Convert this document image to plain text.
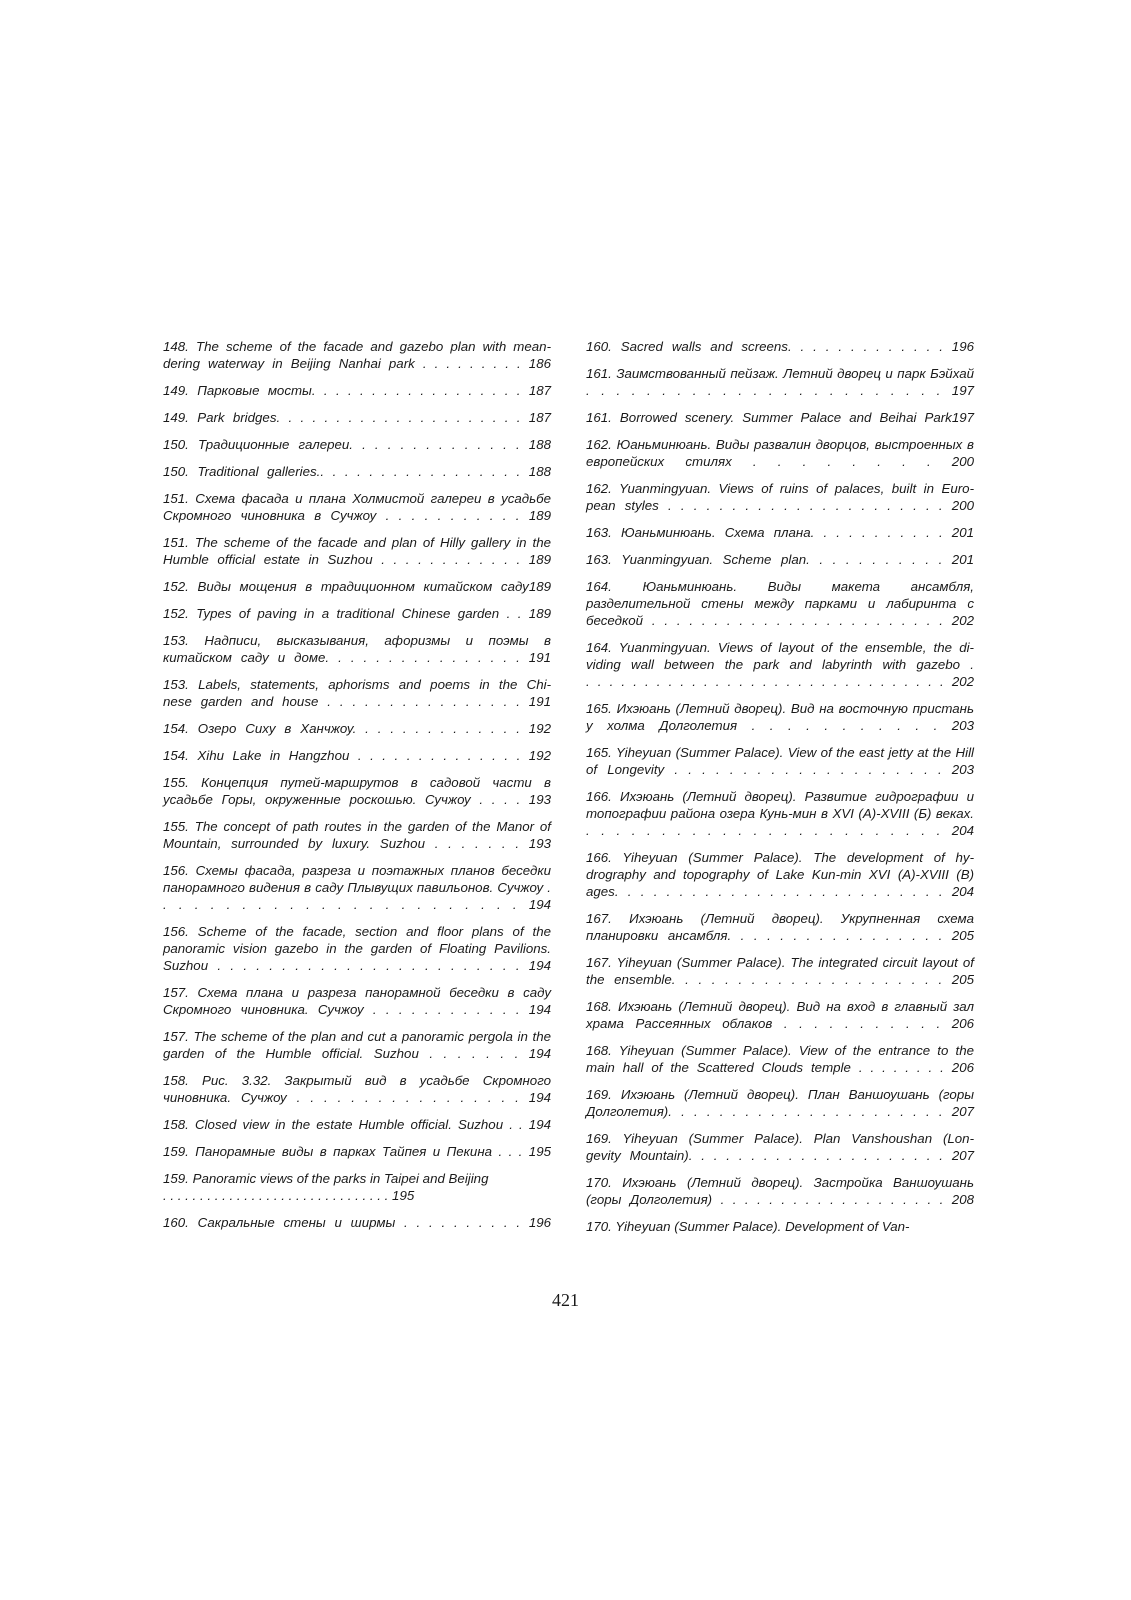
148. The scheme of the facade and gazebo plan with mean-
dering waterway in Beijing Nanhai park . . . . . . . . . 186
149. Парковые мосты. . . . . . . . . . . . . . . . . . 187
149. Park bridges. . . . . . . . . . . . . . . . . . . . . 187
150. Традиционные галереи. . . . . . . . . . . . . . 188
150. Traditional galleries.. . . . . . . . . . . . . . . . . 188
151. Схема фасада и плана Холмистой галереи в усадьбе Скромного чиновника в Сучжоу . . . . . . . . . . . 189
151. The scheme of the facade and plan of Hilly gallery in the Humble official estate in Suzhou . . . . . . . . . . . . 189
152. Виды мощения в традиционном китайском саду189
152. Types of paving in a traditional Chinese garden . . 189
153. Надписи, высказывания, афоризмы и поэмы в китайском саду и доме. . . . . . . . . . . . . . . . 191
153. Labels, statements, aphorisms and poems in the Chi-
nese garden and house . . . . . . . . . . . . . . . . 191
154. Озеро Сиху в Ханчжоу. . . . . . . . . . . . . . 192
154. Xihu Lake in Hangzhou . . . . . . . . . . . . . . 192
155. Концепция путей-маршрутов в садовой части в усадьбе Горы, окруженные роскошью. Сучжоу . . . . 193
155. The concept of path routes in the garden of the Manor of Mountain, surrounded by luxury. Suzhou . . . . . . . 193
156. Схемы фасада, разреза и поэтажных планов беседки панорамного видения в саду Плывущих павильонов. Сучжоу . . . . . . . . . . . . . . . . . . . . . . . . 194
156. Scheme of the facade, section and floor plans of the panoramic vision gazebo in the garden of Floating Pavilions. Suzhou . . . . . . . . . . . . . . . . . . . . . . . . 194
157. Схема плана и разреза панорамной беседки в саду Скромного чиновника. Сучжоу . . . . . . . . . . . . 194
157. The scheme of the plan and cut a panoramic pergola in the garden of the Humble official. Suzhou . . . . . . . 194
158. Рис. 3.32. Закрытый вид в усадьбе Скромного чиновника. Сучжоу . . . . . . . . . . . . . . . . . 194
158. Closed view in the estate Humble official. Suzhou . . 194
159. Панорамные виды в парках Тайпея и Пекина . . . 195
159. Panoramic views of the parks in Taipei and Beijing
. . . . . . . . . . . . . . . . . . . . . . . . . . . . . . . 195
160. Сакральные стены и ширмы . . . . . . . . . . 196
160. Sacred walls and screens. . . . . . . . . . . . . 196
161. Заимствованный пейзаж. Летний дворец и парк Бэйхай . . . . . . . . . . . . . . . . . . . . . . . . 197
161. Borrowed scenery. Summer Palace and Beihai Park197
162. Юаньминюань. Виды развалин дворцов, выстроенных в европейских стилях . . . . . . . . 200
162. Yuanmingyuan. Views of ruins of palaces, built in Euro-
pean styles . . . . . . . . . . . . . . . . . . . . . . 200
163. Юаньминюань. Схема плана. . . . . . . . . . . 201
163. Yuanmingyuan. Scheme plan. . . . . . . . . . . 201
164. Юаньминюань. Виды макета ансамбля, разделительной стены между парками и лабиринта с беседкой . . . . . . . . . . . . . . . . . . . . . . . . 202
164. Yuanmingyuan. Views of layout of the ensemble, the di-
viding wall between the park and labyrinth with gazebo .
. . . . . . . . . . . . . . . . . . . . . . . . . . . . . . . 202
165. Ихэюань (Летний дворец). Вид на восточную пристань у холма Долголетия . . . . . . . . . . . 203
165. Yiheyuan (Summer Palace). View of the east jetty at the Hill of Longevity . . . . . . . . . . . . . . . . . . . . 203
166. Ихэюань (Летний дворец). Развитие гидрографии и топографии района озера Кунь-мин в XVI (А)-XVIII (Б) веках. . . . . . . . . . . . . . . . . . . . . . . . . 204
166. Yiheyuan (Summer Palace). The development of hy-
drography and topography of Lake Kun-min XVI (A)-XVIII (B)
ages. . . . . . . . . . . . . . . . . . . . . . . . . . 204
167. Ихэюань (Летний дворец). Укрупненная схема планировки ансамбля. . . . . . . . . . . . . . . . . 205
167. Yiheyuan (Summer Palace). The integrated circuit layout of the ensemble. . . . . . . . . . . . . . . . . . . . . 205
168. Ихэюань (Летний дворец). Вид на вход в главный зал храма Рассеянных облаков . . . . . . . . . . . 206
168. Yiheyuan (Summer Palace). View of the entrance to the main hall of the Scattered Clouds temple . . . . . . . . 206
169. Ихэюань (Летний дворец). План Ваншоушань (горы Долголетия). . . . . . . . . . . . . . . . . . . . . . 207
169. Yiheyuan (Summer Palace). Plan Vanshoushan (Lon-
gevity Mountain). . . . . . . . . . . . . . . . . . . . . 207
170. Ихэюань (Летний дворец). Застройка Ваншоушань (горы Долголетия) . . . . . . . . . . . . . . . . . . . 208
170. Yiheyuan (Summer Palace). Development of Van-
421
